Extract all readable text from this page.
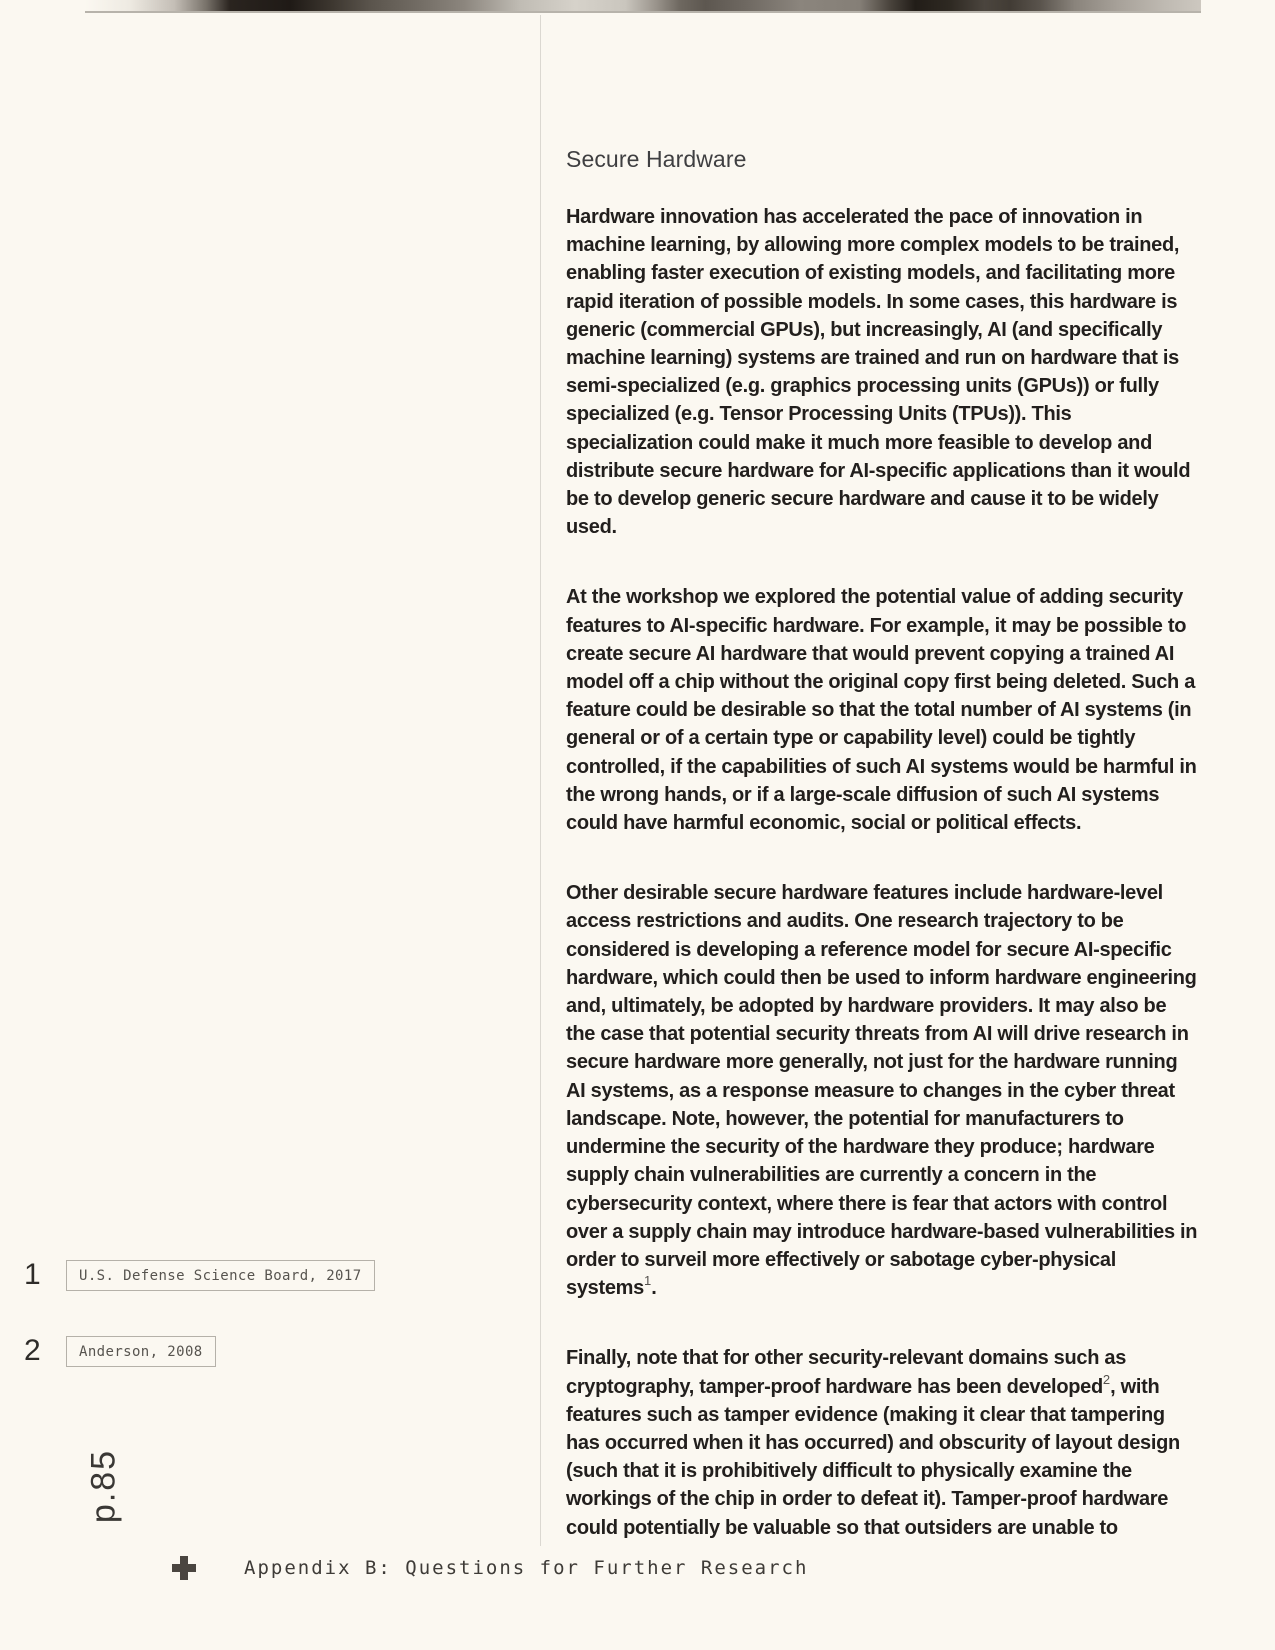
1	U.S. Defense Science Board, 2017
2	Anderson, 2008
p.85
Secure Hardware

Hardware innovation has accelerated the pace of innovation in machine learning, by allowing more complex models to be trained, enabling faster execution of existing models, and facilitating more rapid iteration of possible models. In some cases, this hardware is generic (commercial GPUs), but increasingly, AI (and specifically machine learning) systems are trained and run on hardware that is semi-specialized (e.g. graphics processing units (GPUs)) or fully specialized (e.g. Tensor Processing Units (TPUs)). This specialization could make it much more feasible to develop and distribute secure hardware for AI-specific applications than it would be to develop generic secure hardware and cause it to be widely used.

At the workshop we explored the potential value of adding security features to AI-specific hardware. For example, it may be possible to create secure AI hardware that would prevent copying a trained AI model off a chip without the original copy first being deleted. Such a feature could be desirable so that the total number of AI systems (in general or of a certain type or capability level) could be tightly controlled, if the capabilities of such AI systems would be harmful in the wrong hands, or if a large-scale diffusion of such AI systems could have harmful economic, social or political effects.

Other desirable secure hardware features include hardware-level access restrictions and audits. One research trajectory to be considered is developing a reference model for secure AI-specific hardware, which could then be used to inform hardware engineering and, ultimately, be adopted by hardware providers. It may also be the case that potential security threats from AI will drive research in secure hardware more generally, not just for the hardware running AI systems, as a response measure to changes in the cyber threat landscape. Note, however, the potential for manufacturers to undermine the security of the hardware they produce; hardware supply chain vulnerabilities are currently a concern in the cybersecurity context, where there is fear that actors with control over a supply chain may introduce hardware-based vulnerabilities in order to surveil more effectively or sabotage cyber-physical systems$^1$.

Finally, note that for other security-relevant domains such as cryptography, tamper-proof hardware has been developed$^2$, with features such as tamper evidence (making it clear that tampering has occurred when it has occurred) and obscurity of layout design (such that it is prohibitively difficult to physically examine the workings of the chip in order to defeat it). Tamper-proof hardware could potentially be valuable so that outsiders are unable to

Appendix B: Questions for Further Research
